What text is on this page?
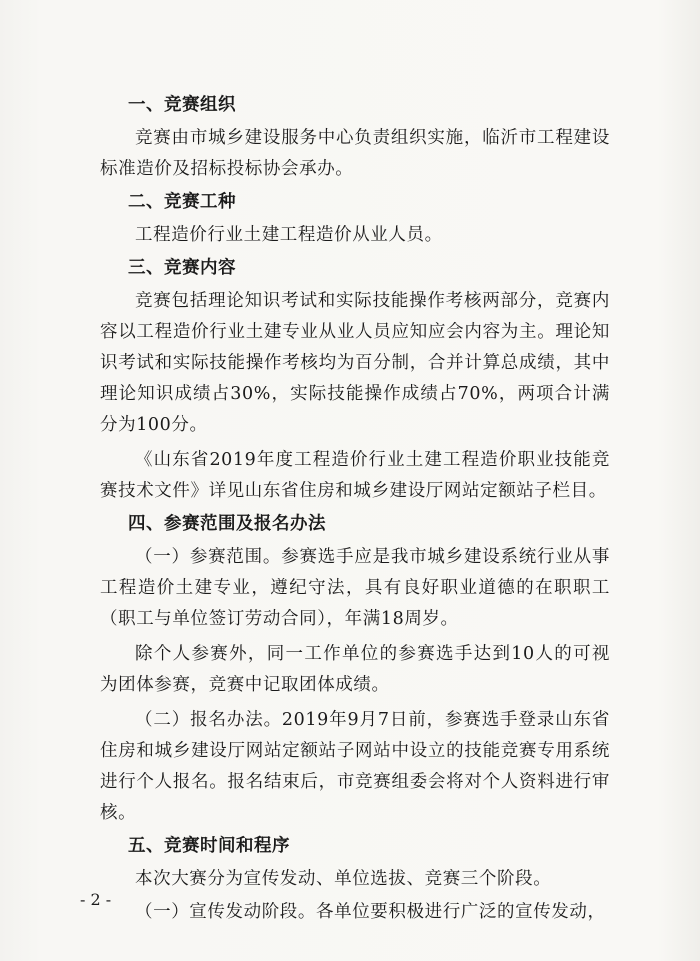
一、竞赛组织

竞赛由市城乡建设服务中心负责组织实施，临沂市工程建设标准造价及招标投标协会承办。

二、竞赛工种

工程造价行业土建工程造价从业人员。

三、竞赛内容

竞赛包括理论知识考试和实际技能操作考核两部分，竞赛内容以工程造价行业土建专业从业人员应知应会内容为主。理论知识考试和实际技能操作考核均为百分制，合并计算总成绩，其中理论知识成绩占30%，实际技能操作成绩占70%，两项合计满分为100分。

《山东省2019年度工程造价行业土建工程造价职业技能竞赛技术文件》详见山东省住房和城乡建设厅网站定额站子栏目。

四、参赛范围及报名办法

（一）参赛范围。参赛选手应是我市城乡建设系统行业从事工程造价土建专业，遵纪守法，具有良好职业道德的在职职工（职工与单位签订劳动合同），年满18周岁。

除个人参赛外，同一工作单位的参赛选手达到10人的可视为团体参赛，竞赛中记取团体成绩。

（二）报名办法。2019年9月7日前，参赛选手登录山东省住房和城乡建设厅网站定额站子网站中设立的技能竞赛专用系统进行个人报名。报名结束后，市竞赛组委会将对个人资料进行审核。

五、竞赛时间和程序

本次大赛分为宣传发动、单位选拔、竞赛三个阶段。

（一）宣传发动阶段。各单位要积极进行广泛的宣传发动，

- 2 -
